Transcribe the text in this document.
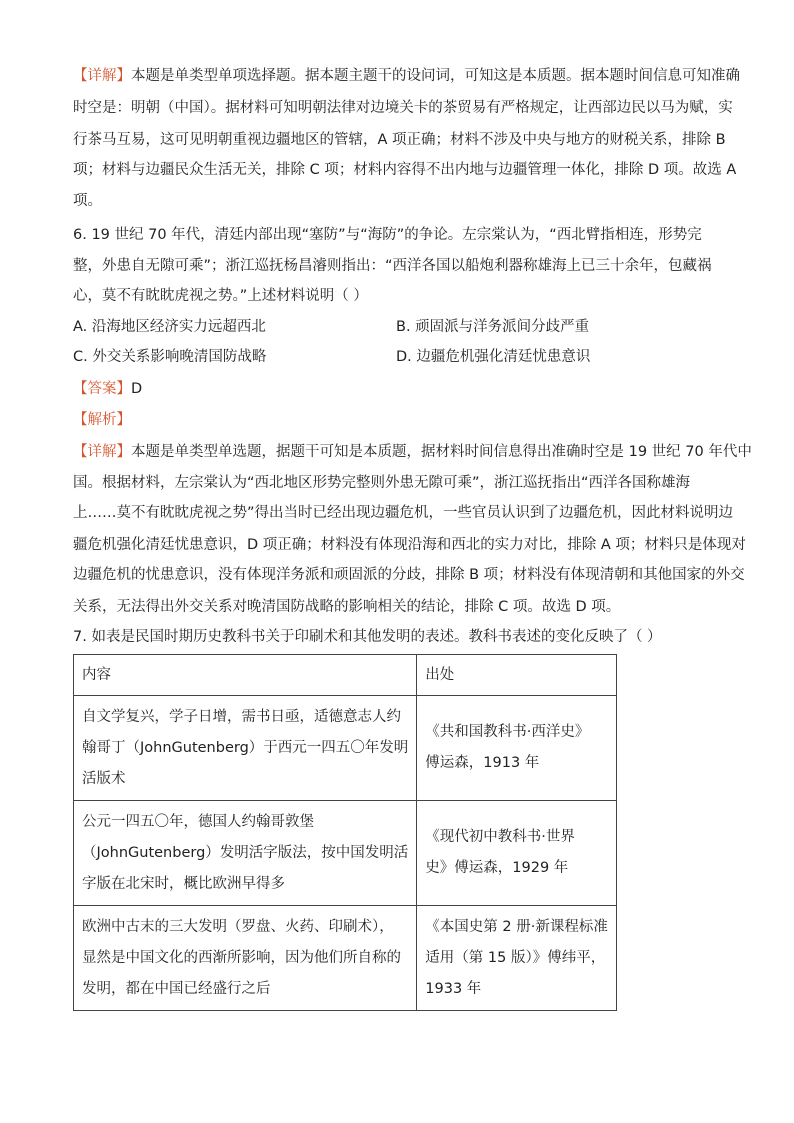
【详解】本题是单类型单项选择题。据本题主题干的设问词，可知这是本质题。据本题时间信息可知准确
时空是：明朝（中国）。据材料可知明朝法律对边境关卡的茶贸易有严格规定，让西部边民以马为赋，实
行茶马互易，这可见明朝重视边疆地区的管辖，A 项正确；材料不涉及中央与地方的财税关系，排除 B
项；材料与边疆民众生活无关，排除 C 项；材料内容得不出内地与边疆管理一体化，排除 D 项。故选 A
项。
6. 19 世纪 70 年代，清廷内部出现“塞防”与“海防”的争论。左宗棠认为，“西北臂指相连，形势完
整，外患自无隙可乘”；浙江巡抚杨昌濬则指出：“西洋各国以船炮利器称雄海上已三十余年，包藏祸
心，莫不有眈眈虎视之势。”上述材料说明（ ）
A. 沿海地区经济实力远超西北	B. 顽固派与洋务派间分歧严重
C. 外交关系影响晚清国防战略	D. 边疆危机强化清廷忧患意识
【答案】D
【解析】
【详解】本题是单类型单选题，据题干可知是本质题，据材料时间信息得出准确时空是 19 世纪 70 年代中
国。根据材料，左宗棠认为“西北地区形势完整则外患无隙可乘”，浙江巡抚指出“西洋各国称雄海
上……莫不有眈眈虎视之势”得出当时已经出现边疆危机，一些官员认识到了边疆危机，因此材料说明边
疆危机强化清廷忧患意识，D 项正确；材料没有体现沿海和西北的实力对比，排除 A 项；材料只是体现对
边疆危机的忧患意识，没有体现洋务派和顽固派的分歧，排除 B 项；材料没有体现清朝和其他国家的外交
关系，无法得出外交关系对晚清国防战略的影响相关的结论，排除 C 项。故选 D 项。
7. 如表是民国时期历史教科书关于印刷术和其他发明的表述。教科书表述的变化反映了（ ）
内容	出处

自文学复兴，学子日增，需书日亟，适德意志人约
翰哥丁（JohnGutenberg）于西元一四五〇年发明
活版术	《共和国教科书·西洋史》
傅运森，1913 年

公元一四五〇年，德国人约翰哥敦堡
（JohnGutenberg）发明活字版法，按中国发明活
字版在北宋时，概比欧洲早得多	《现代初中教科书·世界
史》傅运森，1929 年

欧洲中古末的三大发明（罗盘、火药、印刷术），
显然是中国文化的西渐所影响，因为他们所自称的
发明，都在中国已经盛行之后	《本国史第 2 册·新课程标准
适用（第 15 版）》傅纬平，
1933 年
